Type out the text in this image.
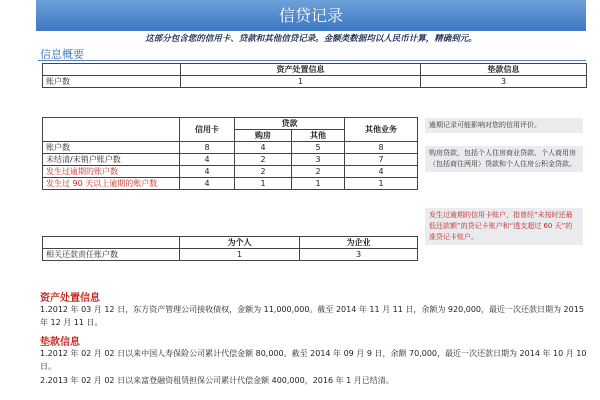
信贷记录
这部分包含您的信用卡、贷款和其他信贷记录。金额类数据均以人民币计算，精确到元。
信息概要
	资产处置信息	垫款信息
账户数	1	3
	信用卡	贷款		其他业务
		购房	其他	
账户数	8	4	5	8
未结清/未销户账户数	4	2	3	7
发生过逾期的账户数	4	2	2	4
发生过 90 天以上逾期的账户数	4	1	1	1
逾期记录可能影响对您的信用评价。
购房贷款，包括个人住房商业贷款、个人商用房（包括商住两用）贷款和个人住房公积金贷款。
发生过逾期的信用卡账户，指曾经“未按时还最低还款额”的贷记卡账户和“透支超过 60 天”的准贷记卡账户。
	为个人	为企业
相关还款责任账户数	1	3
资产处置信息
1.2012 年 03 月 12 日，东方资产管理公司接收债权，金额为 11,000,000。截至 2014 年 11 月 11 日，余额为 920,000，最近一次还款日期为 2015 年 12 月 11 日。
垫款信息
1.2012 年 02 月 02 日以来中国人寿保险公司累计代偿金额 80,000。截至 2014 年 09 月 9 日，余额 70,000，最近一次还款日期为 2014 年 10 月 10 日。
2.2013 年 02 月 02 日以来富登融资租赁担保公司累计代偿金额 400,000，2016 年 1 月已结清。
